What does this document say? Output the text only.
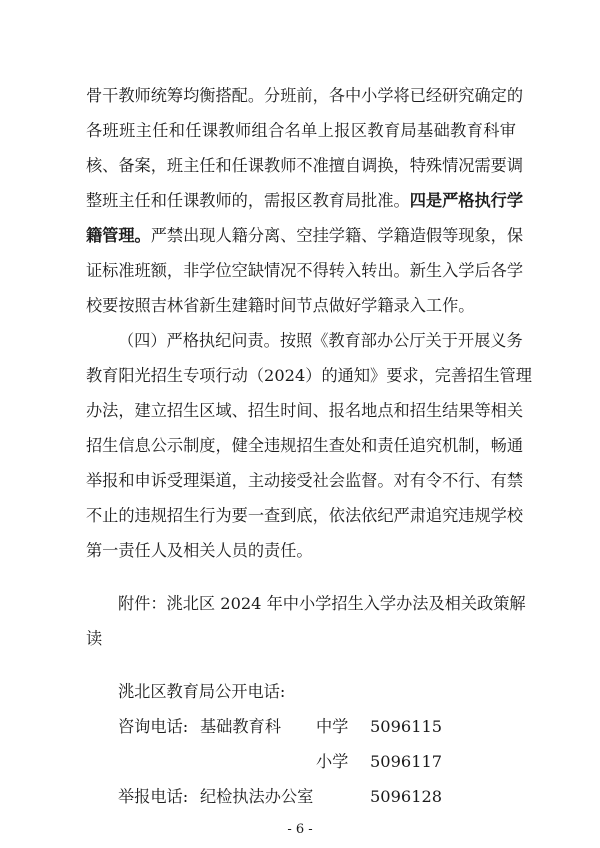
骨干教师统筹均衡搭配。分班前，各中小学将已经研究确定的
各班班主任和任课教师组合名单上报区教育局基础教育科审
核、备案，班主任和任课教师不准擅自调换，特殊情况需要调
整班主任和任课教师的，需报区教育局批准。四是严格执行学
籍管理。严禁出现人籍分离、空挂学籍、学籍造假等现象，保
证标准班额，非学位空缺情况不得转入转出。新生入学后各学
校要按照吉林省新生建籍时间节点做好学籍录入工作。
（四）严格执纪问责。按照《教育部办公厅关于开展义务
教育阳光招生专项行动（2024）的通知》要求，完善招生管理
办法，建立招生区域、招生时间、报名地点和招生结果等相关
招生信息公示制度，健全违规招生查处和责任追究机制，畅通
举报和申诉受理渠道，主动接受社会监督。对有令不行、有禁
不止的违规招生行为要一查到底，依法依纪严肃追究违规学校
第一责任人及相关人员的责任。
附件：洮北区 2024 年中小学招生入学办法及相关政策解
读
洮北区教育局公开电话:
咨询电话: 基础教育科 中学 5096115
小学 5096117
举报电话: 纪检执法办公室	5096128
- 6 -
